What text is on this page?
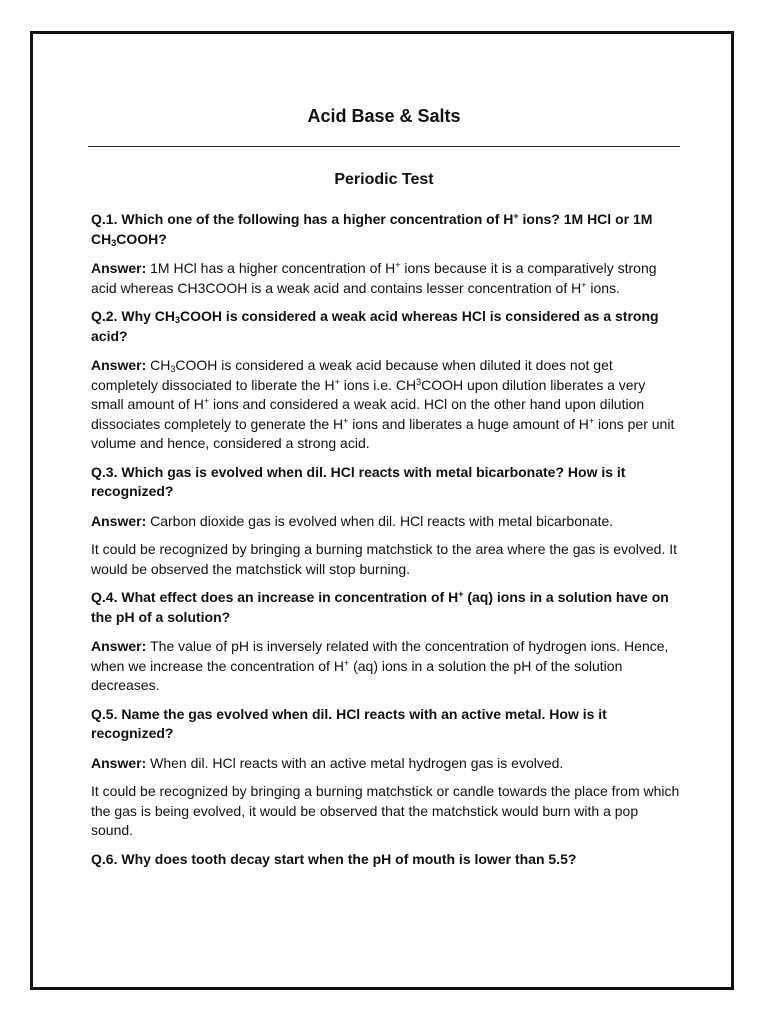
Acid Base & Salts
Periodic Test

Q.1. Which one of the following has a higher concentration of H+ ions? 1M HCl or 1M $CH_3COOH$?

Answer: 1M HCl has a higher concentration of H+ ions because it is a comparatively strong acid whereas CH3COOH is a weak acid and contains lesser concentration of H+ ions.

Q.2. Why $CH_3COOH$ is considered a weak acid whereas HCl is considered as a strong acid?

Answer: $CH_3COOH$ is considered a weak acid because when diluted it does not get completely dissociated to liberate the H+ ions i.e. $CH^3COOH$ upon dilution liberates a very small amount of H+ ions and considered a weak acid. HCl on the other hand upon dilution dissociates completely to generate the H+ ions and liberates a huge amount of H+ ions per unit volume and hence, considered a strong acid.

Q.3. Which gas is evolved when dil. HCl reacts with metal bicarbonate? How is it recognized?

Answer: Carbon dioxide gas is evolved when dil. HCl reacts with metal bicarbonate.

It could be recognized by bringing a burning matchstick to the area where the gas is evolved. It would be observed the matchstick will stop burning.

Q.4. What effect does an increase in concentration of H+ (aq) ions in a solution have on the pH of a solution?

Answer: The value of pH is inversely related with the concentration of hydrogen ions. Hence, when we increase the concentration of H+ (aq) ions in a solution the pH of the solution decreases.

Q.5. Name the gas evolved when dil. HCl reacts with an active metal. How is it recognized?

Answer: When dil. HCl reacts with an active metal hydrogen gas is evolved.

It could be recognized by bringing a burning matchstick or candle towards the place from which the gas is being evolved, it would be observed that the matchstick would burn with a pop sound.

Q.6. Why does tooth decay start when the pH of mouth is lower than 5.5?
